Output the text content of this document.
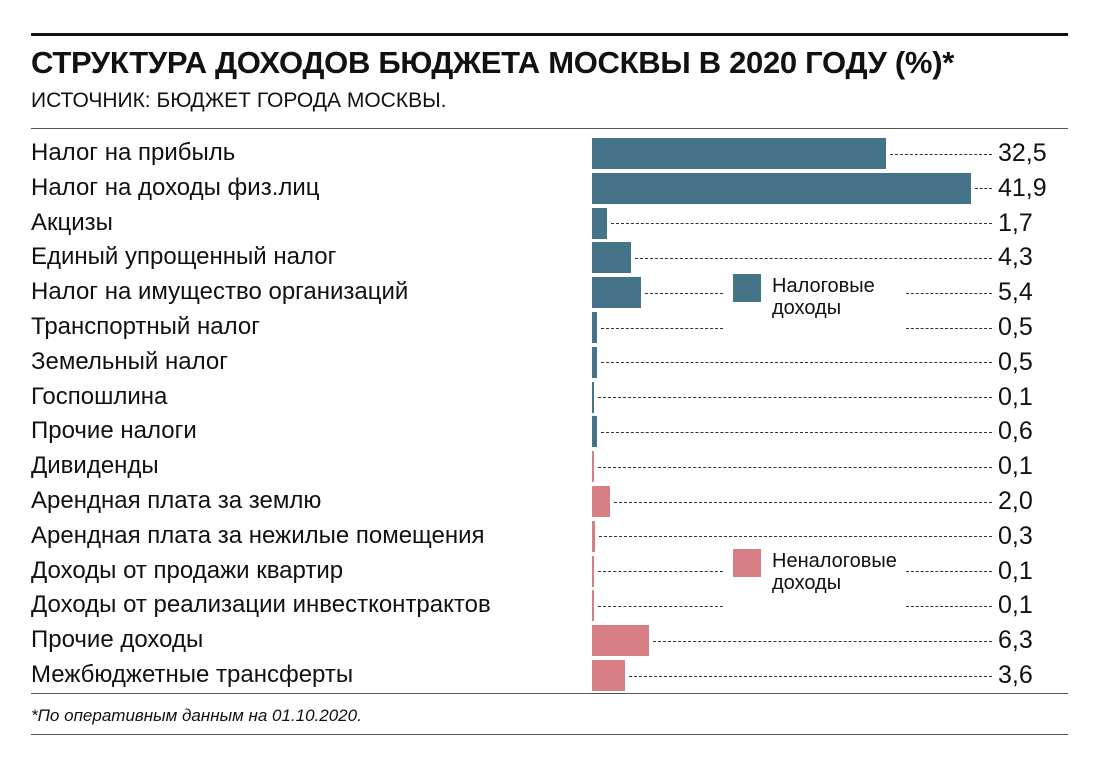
СТРУКТУРА ДОХОДОВ БЮДЖЕТА МОСКВЫ В 2020 ГОДУ (%)*
ИСТОЧНИК: БЮДЖЕТ ГОРОДА МОСКВЫ.
Налог на прибыль	32,5
Налог на доходы физ.лиц	41,9
Акцизы	1,7
Единый упрощенный налог	4,3
Налог на имущество организаций	5,4
Транспортный налог	0,5
Земельный налог	0,5
Госпошлина	0,1
Прочие налоги	0,6
Дивиденды	0,1
Арендная плата за землю	2,0
Арендная плата за нежилые помещения	0,3
Доходы от продажи квартир	0,1
Доходы от реализации инвестконтрактов	0,1
Прочие доходы	6,3
Межбюджетные трансферты	3,6
Налоговые
доходы
Неналоговые
доходы
*По оперативным данным на 01.10.2020.
